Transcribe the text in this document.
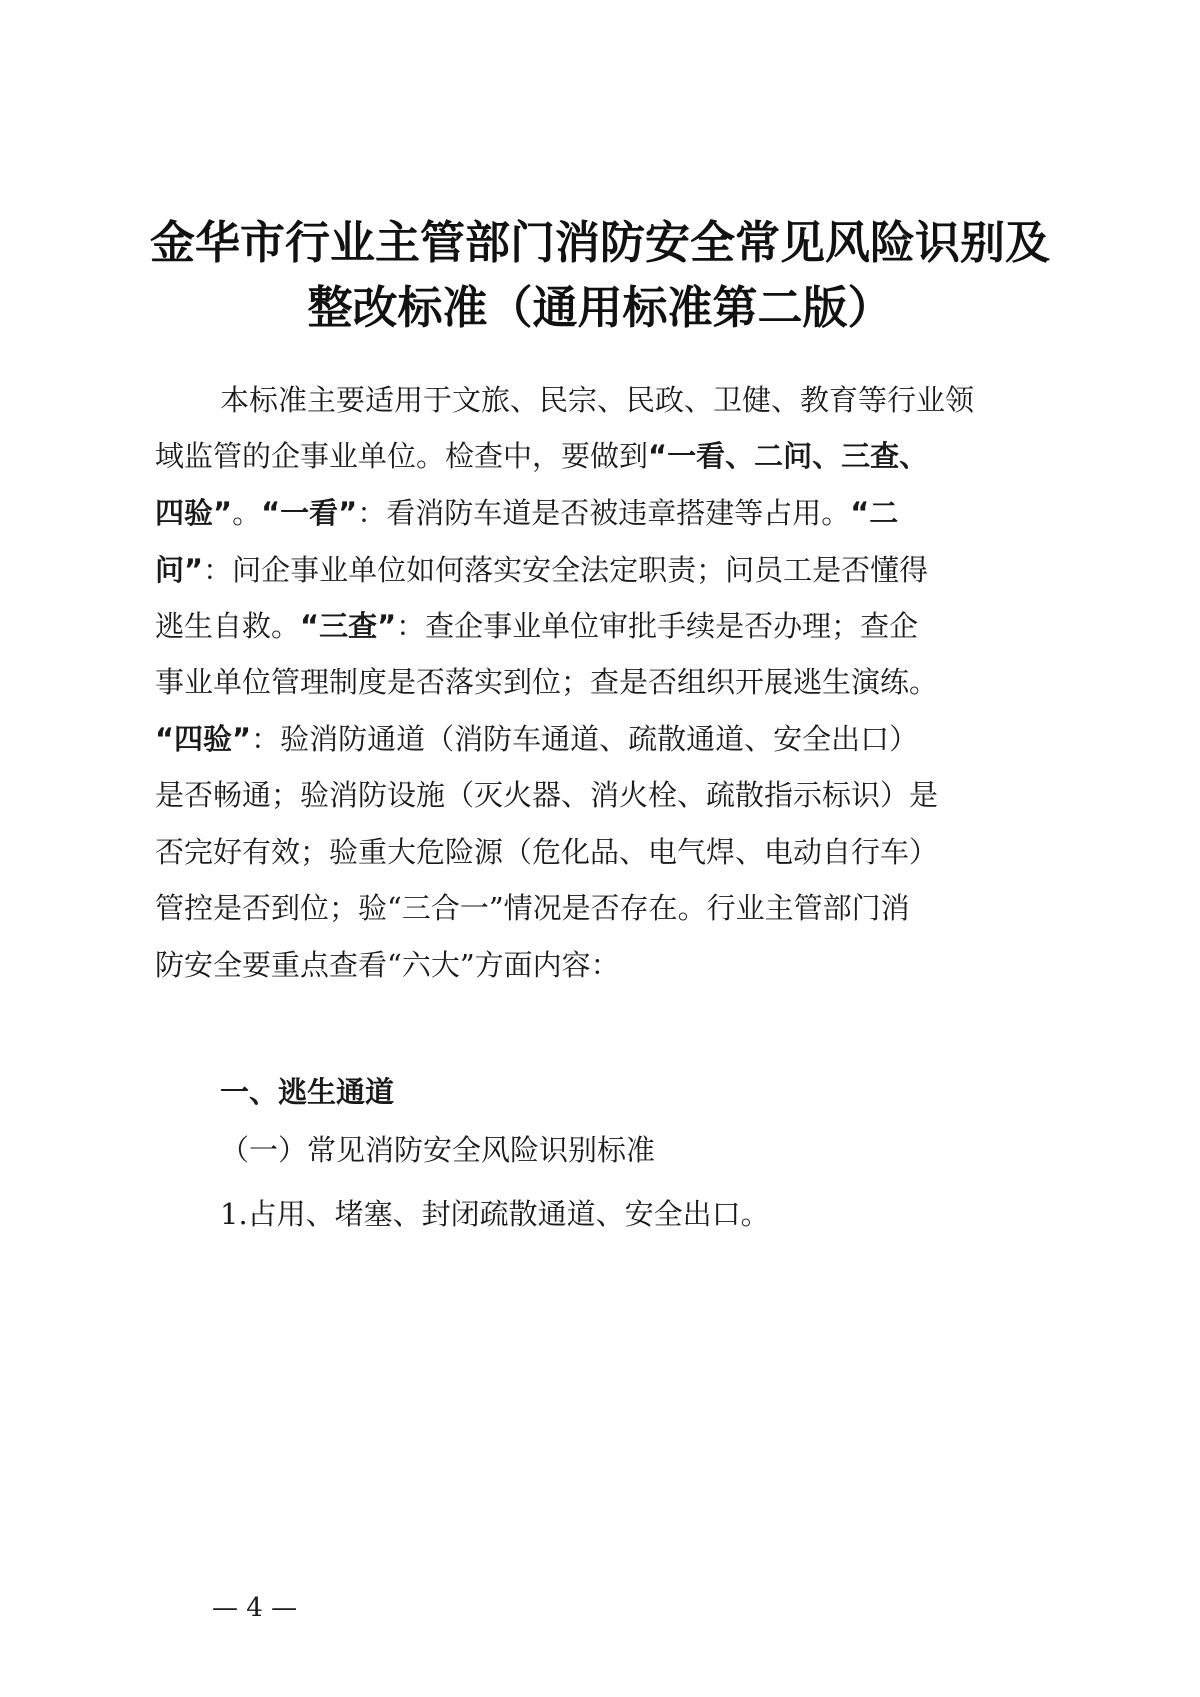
金华市行业主管部门消防安全常见风险识别及
整改标准（通用标准第二版）
本标准主要适用于文旅、民宗、民政、卫健、教育等行业领
域监管的企事业单位。检查中，要做到“一看、二问、三查、
四验”。“一看”：看消防车道是否被违章搭建等占用。“二
问”：问企事业单位如何落实安全法定职责；问员工是否懂得
逃生自救。“三查”：查企事业单位审批手续是否办理；查企
事业单位管理制度是否落实到位；查是否组织开展逃生演练。
“四验”：验消防通道（消防车通道、疏散通道、安全出口）
是否畅通；验消防设施（灭火器、消火栓、疏散指示标识）是
否完好有效；验重大危险源（危化品、电气焊、电动自行车）
管控是否到位；验“三合一”情况是否存在。行业主管部门消
防安全要重点查看“六大”方面内容：
一、逃生通道
（一）常见消防安全风险识别标准
1.占用、堵塞、封闭疏散通道、安全出口。
— 4 —
